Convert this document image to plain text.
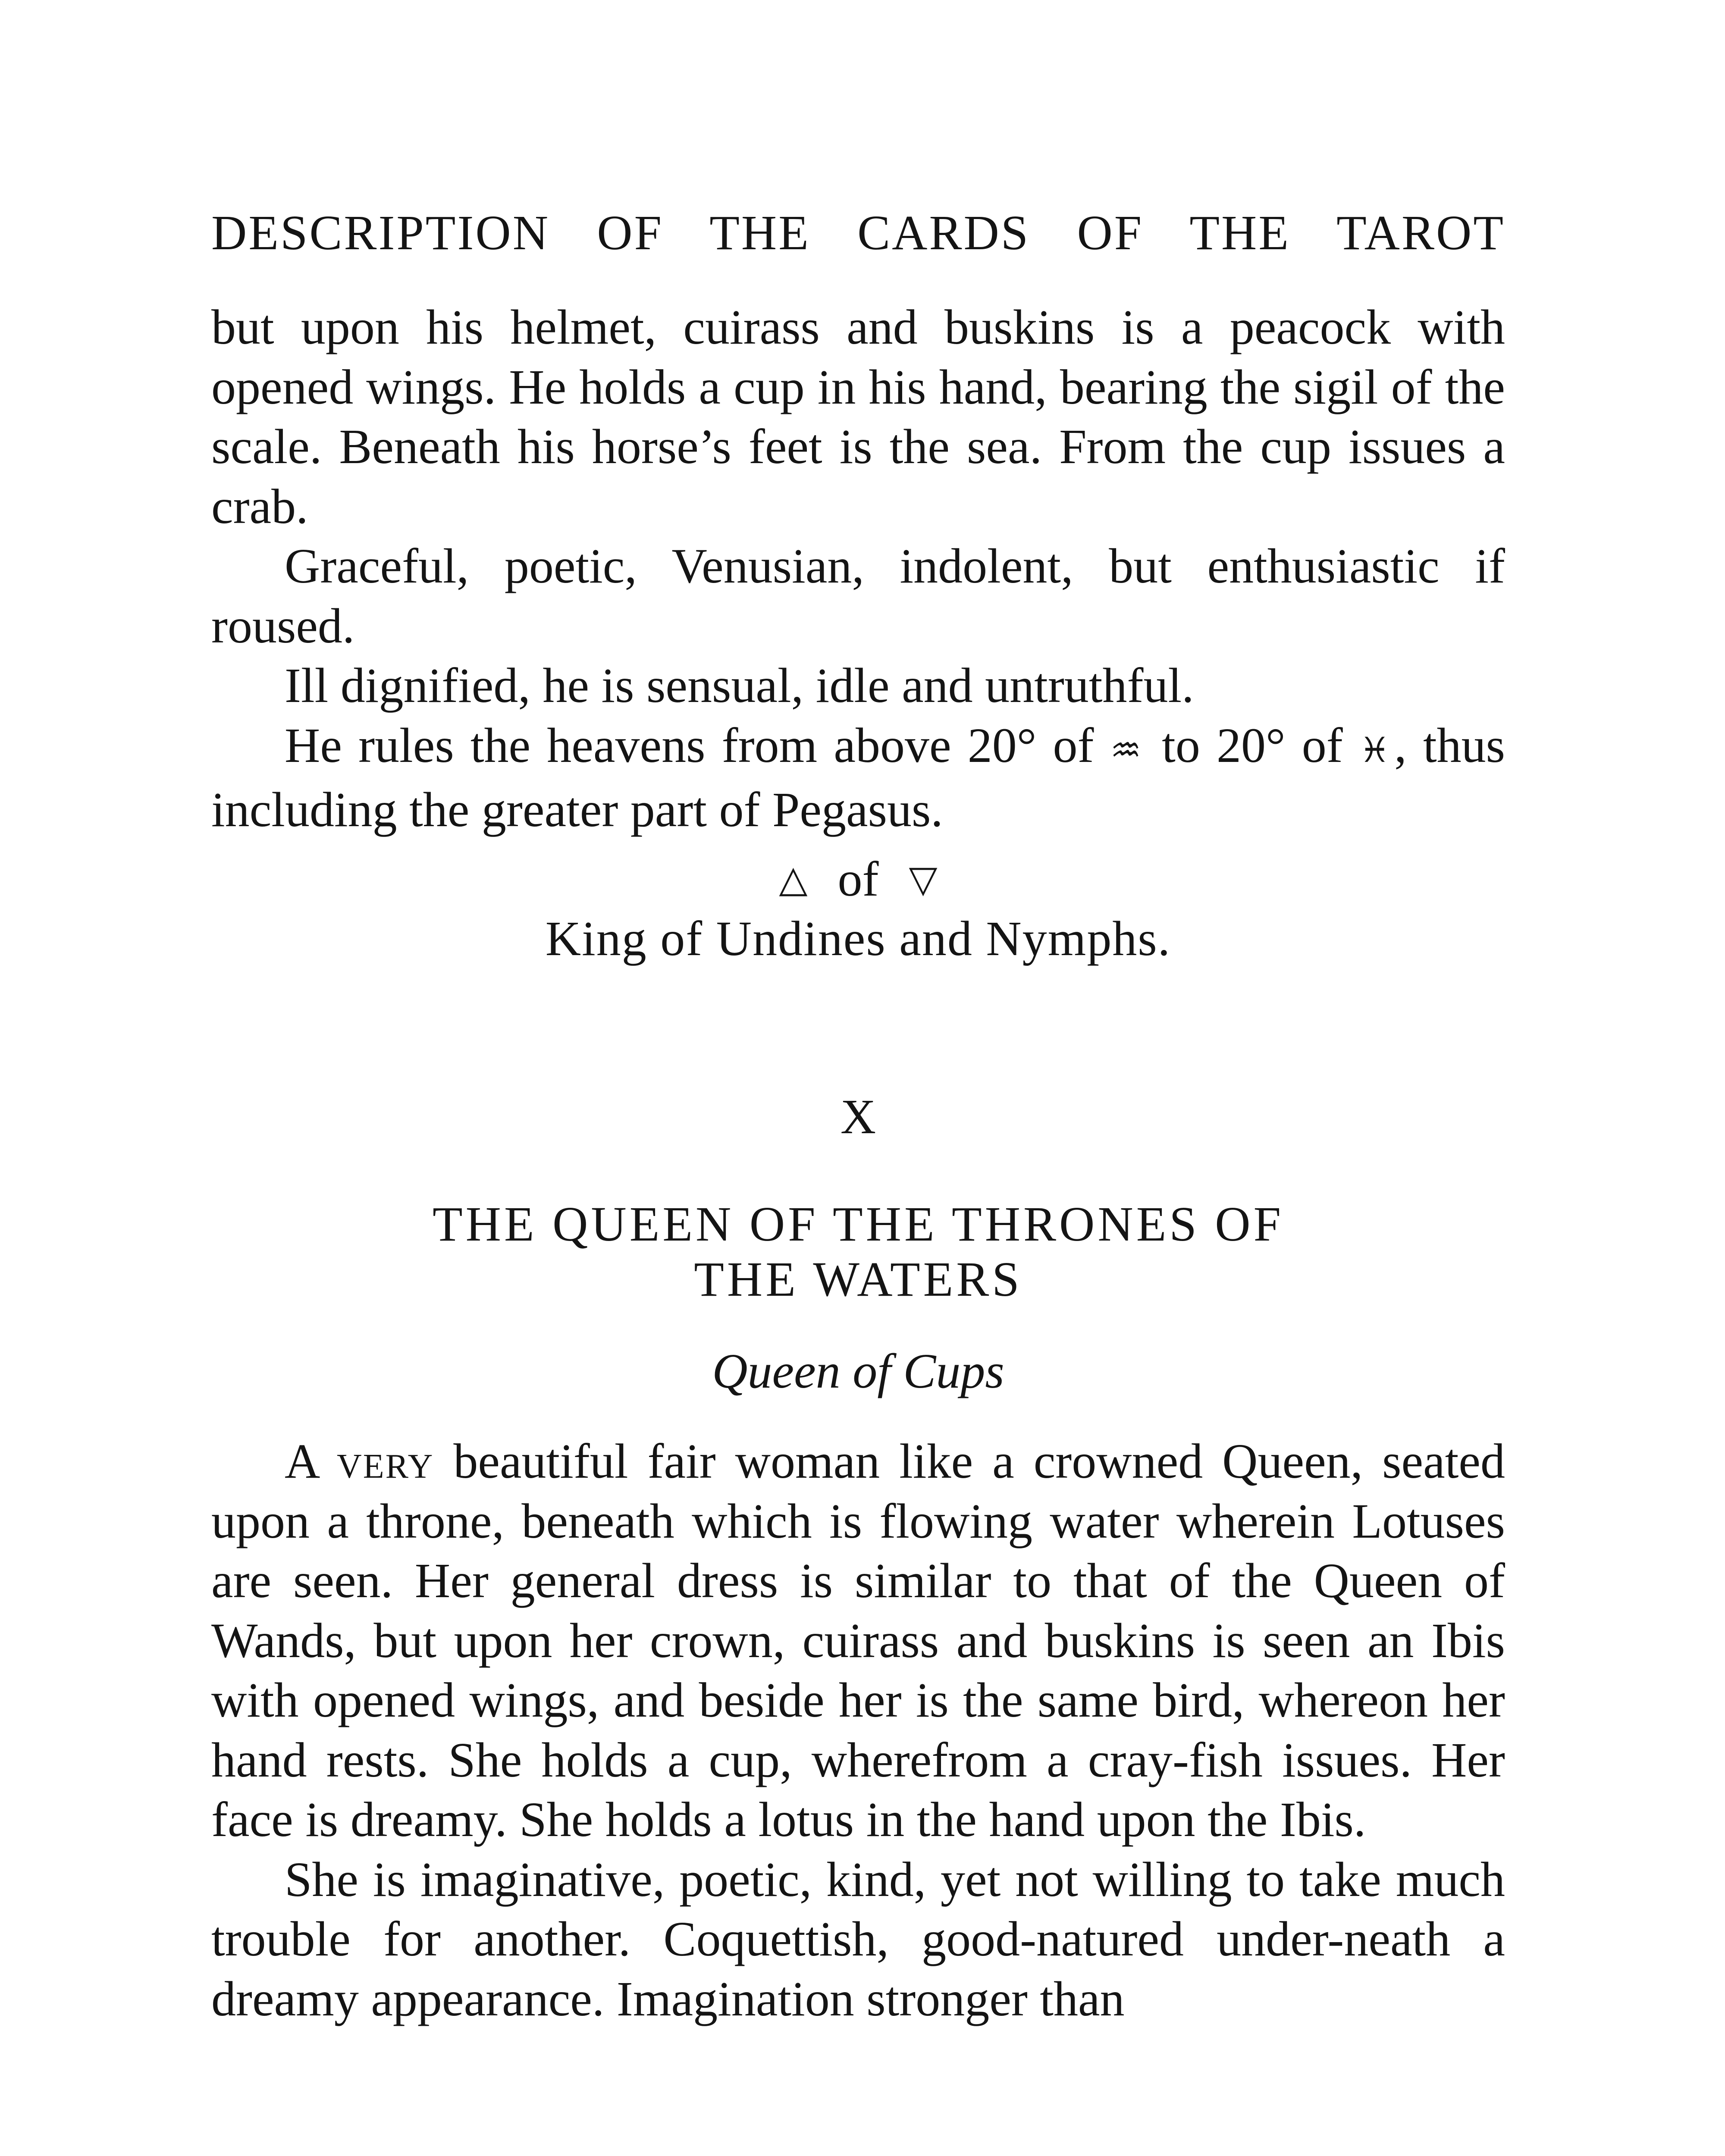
DESCRIPTION OF THE CARDS OF THE TAROT

but upon his helmet, cuirass and buskins is a peacock with opened wings. He holds a cup in his hand, bearing the sigil of the scale. Beneath his horse’s feet is the sea. From the cup issues a crab.

Graceful, poetic, Venusian, indolent, but enthusiastic if roused.

Ill dignified, he is sensual, idle and untruthful.

He rules the heavens from above 20° of ♒ to 20° of ♓, thus including the greater part of Pegasus.

△ of ▽
King of Undines and Nymphs.
X
THE QUEEN OF THE THRONES OF
THE WATERS
Queen of Cups

A very beautiful fair woman like a crowned Queen, seated upon a throne, beneath which is flowing water wherein Lotuses are seen. Her general dress is similar to that of the Queen of Wands, but upon her crown, cuirass and buskins is seen an Ibis with opened wings, and beside her is the same bird, whereon her hand rests. She holds a cup, wherefrom a cray-fish issues. Her face is dreamy. She holds a lotus in the hand upon the Ibis.

She is imaginative, poetic, kind, yet not willing to take much trouble for another. Coquettish, good-natured under-neath a dreamy appearance. Imagination stronger than
